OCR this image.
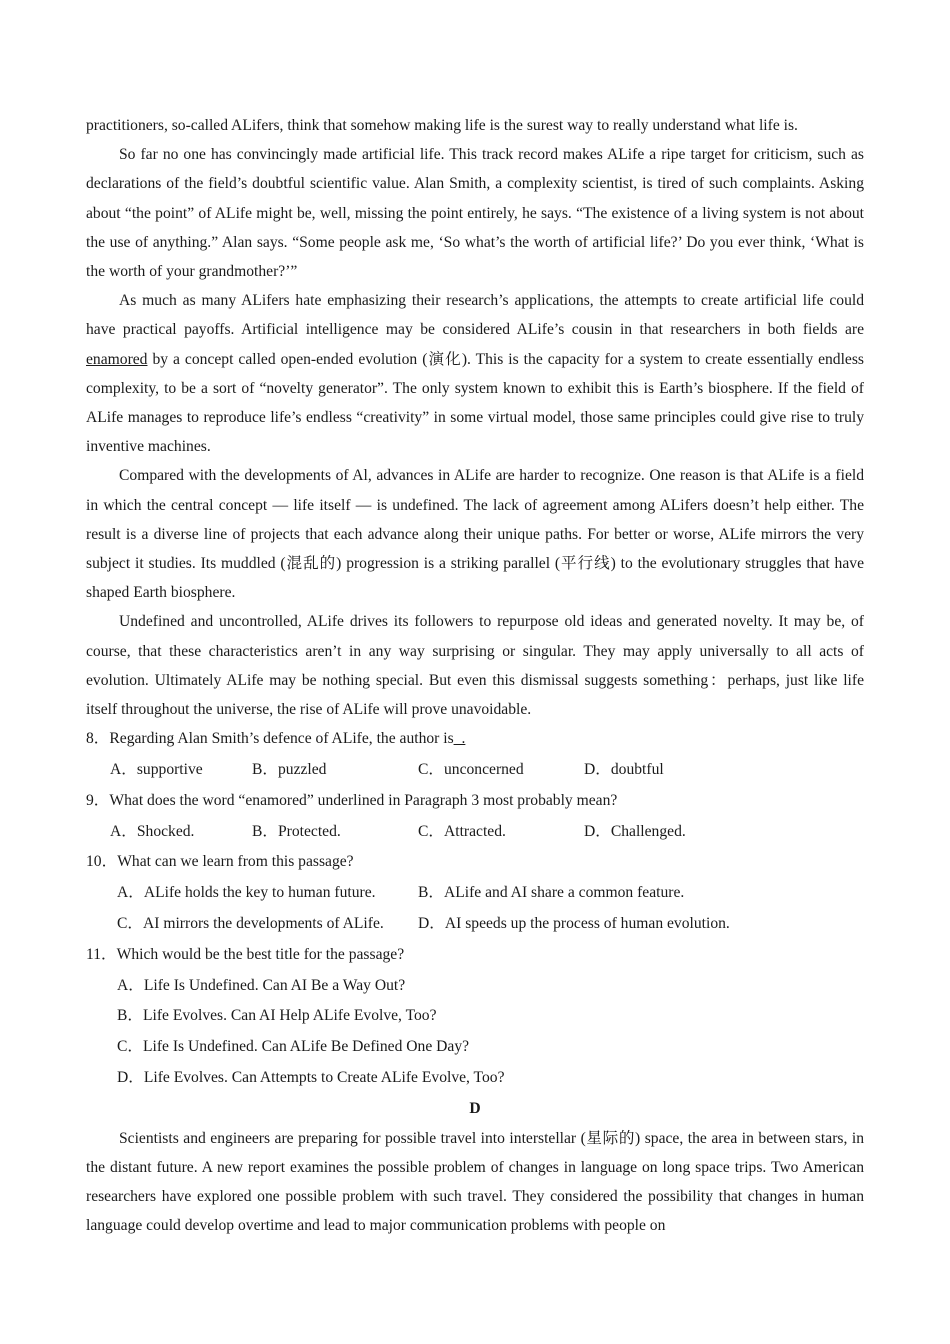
practitioners, so-called ALifers, think that somehow making life is the surest way to really understand what life is.

So far no one has convincingly made artificial life. This track record makes ALife a ripe target for criticism, such as declarations of the field’s doubtful scientific value. Alan Smith, a complexity scientist, is tired of such complaints. Asking about “the point” of ALife might be, well, missing the point entirely, he says. “The existence of a living system is not about the use of anything.” Alan says. “Some people ask me, ‘So what’s the worth of artificial life?’ Do you ever think, ‘What is the worth of your grandmother?’”

As much as many ALifers hate emphasizing their research’s applications, the attempts to create artificial life could have practical payoffs. Artificial intelligence may be considered ALife’s cousin in that researchers in both fields are enamored by a concept called open-ended evolution (演化). This is the capacity for a system to create essentially endless complexity, to be a sort of “novelty generator”. The only system known to exhibit this is Earth’s biosphere. If the field of ALife manages to reproduce life’s endless “creativity” in some virtual model, those same principles could give rise to truly inventive machines.

Compared with the developments of Al, advances in ALife are harder to recognize. One reason is that ALife is a field in which the central concept — life itself — is undefined. The lack of agreement among ALifers doesn’t help either. The result is a diverse line of projects that each advance along their unique paths. For better or worse, ALife mirrors the very subject it studies. Its muddled (混乱的) progression is a striking parallel (平行线) to the evolutionary struggles that have shaped Earth biosphere.

Undefined and uncontrolled, ALife drives its followers to repurpose old ideas and generated novelty. It may be, of course, that these characteristics aren’t in any way surprising or singular. They may apply universally to all acts of evolution. Ultimately ALife may be nothing special. But even this dismissal suggests something：perhaps, just like life itself throughout the universe, the rise of ALife will prove unavoidable.

8．Regarding Alan Smith’s defence of ALife, the author is_.

A．supportive	B．puzzled	C．unconcerned	D．doubtful

9．What does the word “enamored” underlined in Paragraph 3 most probably mean?

A．Shocked.	B．Protected.	C．Attracted.	D．Challenged.

10．What can we learn from this passage?

A．ALife holds the key to human future.	B．ALife and AI share a common feature.
C．AI mirrors the developments of ALife.	D．AI speeds up the process of human evolution.

11．Which would be the best title for the passage?

A．Life Is Undefined. Can AI Be a Way Out?

B．Life Evolves. Can AI Help ALife Evolve, Too?

C．Life Is Undefined. Can ALife Be Defined One Day?

D．Life Evolves. Can Attempts to Create ALife Evolve, Too?

D

Scientists and engineers are preparing for possible travel into interstellar (星际的) space, the area in between stars, in the distant future. A new report examines the possible problem of changes in language on long space trips. Two American researchers have explored one possible problem with such travel. They considered the possibility that changes in human language could develop overtime and lead to major communication problems with people on
